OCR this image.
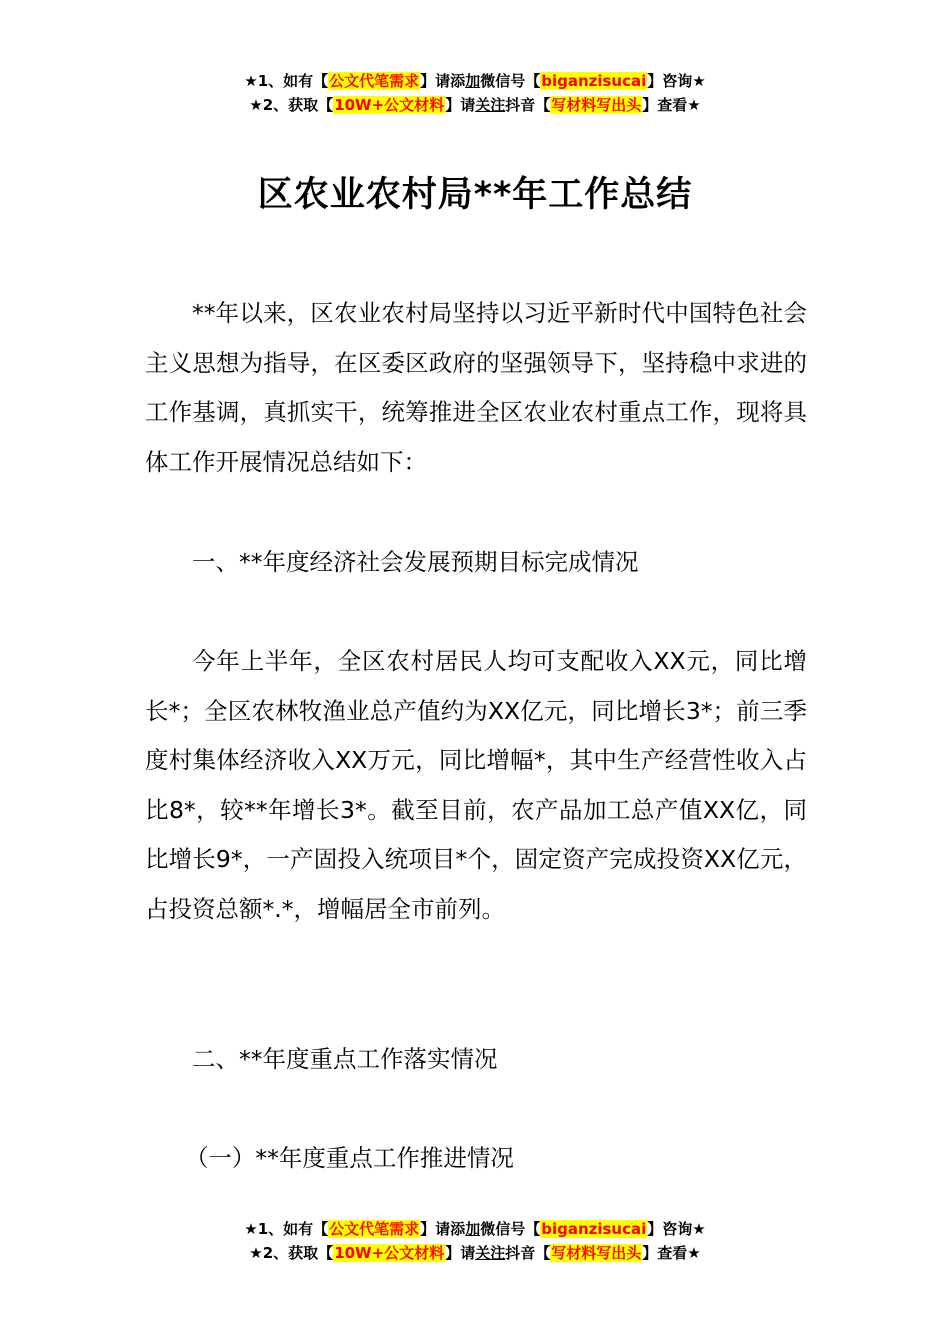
★1、如有【公文代笔需求】请添加微信号【biganzisucai】咨询★
★2、获取【10W+公文材料】请关注抖音【写材料写出头】查看★
区农业农村局**年工作总结

**年以来，区农业农村局坚持以习近平新时代中国特色社会主义思想为指导，在区委区政府的坚强领导下，坚持稳中求进的工作基调，真抓实干，统筹推进全区农业农村重点工作，现将具体工作开展情况总结如下：

一、**年度经济社会发展预期目标完成情况

今年上半年，全区农村居民人均可支配收入XX元，同比增长*；全区农林牧渔业总产值约为XX亿元，同比增长3*；前三季度村集体经济收入XX万元，同比增幅*，其中生产经营性收入占比8*，较**年增长3*。截至目前，农产品加工总产值XX亿，同比增长9*，一产固投入统项目*个，固定资产完成投资XX亿元，占投资总额*.*，增幅居全市前列。

二、**年度重点工作落实情况
（一）**年度重点工作推进情况
★1、如有【公文代笔需求】请添加微信号【biganzisucai】咨询★
★2、获取【10W+公文材料】请关注抖音【写材料写出头】查看★
